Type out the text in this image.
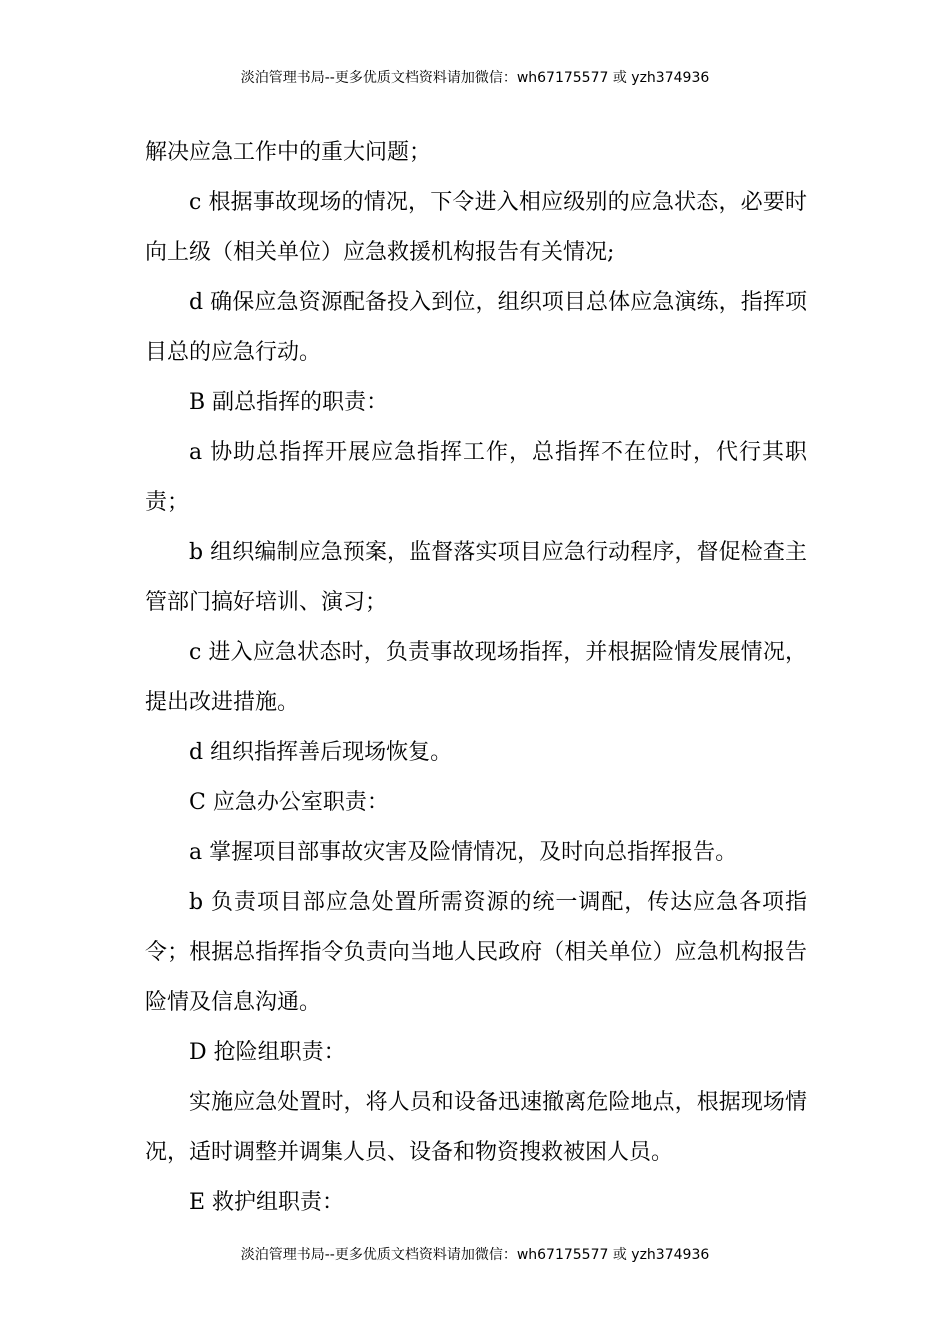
淡泊管理书局--更多优质文档资料请加微信：wh67175577 或 yzh374936

解决应急工作中的重大问题；

c 根据事故现场的情况，下令进入相应级别的应急状态，必要时向上级（相关单位）应急救援机构报告有关情况;

d 确保应急资源配备投入到位，组织项目总体应急演练，指挥项目总的应急行动。

B 副总指挥的职责：

a 协助总指挥开展应急指挥工作，总指挥不在位时，代行其职责；

b 组织编制应急预案，监督落实项目应急行动程序，督促检查主管部门搞好培训、演习；

c 进入应急状态时，负责事故现场指挥，并根据险情发展情况，提出改进措施。

d 组织指挥善后现场恢复。

C 应急办公室职责：

a 掌握项目部事故灾害及险情情况，及时向总指挥报告。

b 负责项目部应急处置所需资源的统一调配，传达应急各项指令；根据总指挥指令负责向当地人民政府（相关单位）应急机构报告险情及信息沟通。

D 抢险组职责：

实施应急处置时，将人员和设备迅速撤离危险地点，根据现场情况，适时调整并调集人员、设备和物资搜救被困人员。

E 救护组职责：

淡泊管理书局--更多优质文档资料请加微信：wh67175577 或 yzh374936
